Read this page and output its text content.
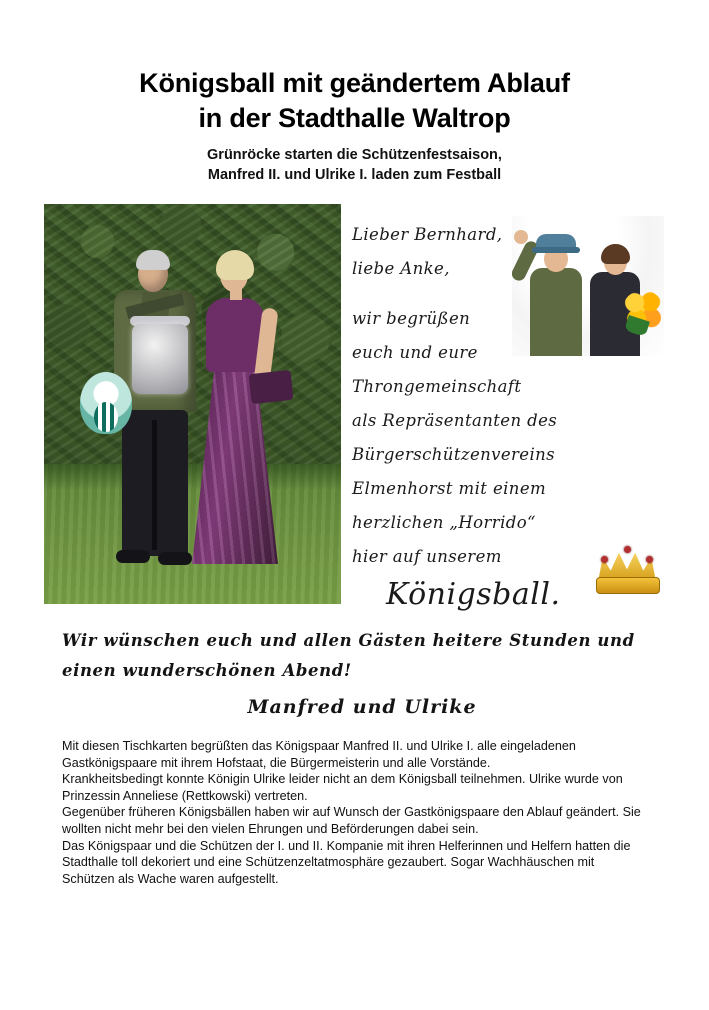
Königsball mit geändertem Ablauf
in der Stadthalle Waltrop
Grünröcke starten die Schützenfestsaison,
Manfred II. und Ulrike I. laden zum Festball
Lieber Bernhard,
liebe Anke,
wir begrüßen
euch und eure
Throngemeinschaft
als Repräsentanten des
Bürgerschützenvereins
Elmenhorst mit einem
herzlichen „Horrido“
hier auf unserem
Königsball.
Wir wünschen euch und allen Gästen heitere Stunden und
einen wunderschönen Abend!
Manfred und Ulrike

Mit diesen Tischkarten begrüßten das Königspaar Manfred II. und Ulrike I. alle eingeladenen Gastkönigspaare mit ihrem Hofstaat, die Bürgermeisterin und alle Vorstände.

Krankheitsbedingt konnte Königin Ulrike leider nicht an dem Königsball teilnehmen. Ulrike wurde von Prinzessin Anneliese (Rettkowski) vertreten.

Gegenüber früheren Königsbällen haben wir auf Wunsch der Gastkönigspaare den Ablauf geändert. Sie wollten nicht mehr bei den vielen Ehrungen und Beförderungen dabei sein.

Das Königspaar und die Schützen der I. und II. Kompanie mit ihren Helferinnen und Helfern hatten die Stadthalle toll dekoriert und eine Schützenzeltatmosphäre gezaubert. Sogar Wachhäuschen mit Schützen als Wache waren aufgestellt.
